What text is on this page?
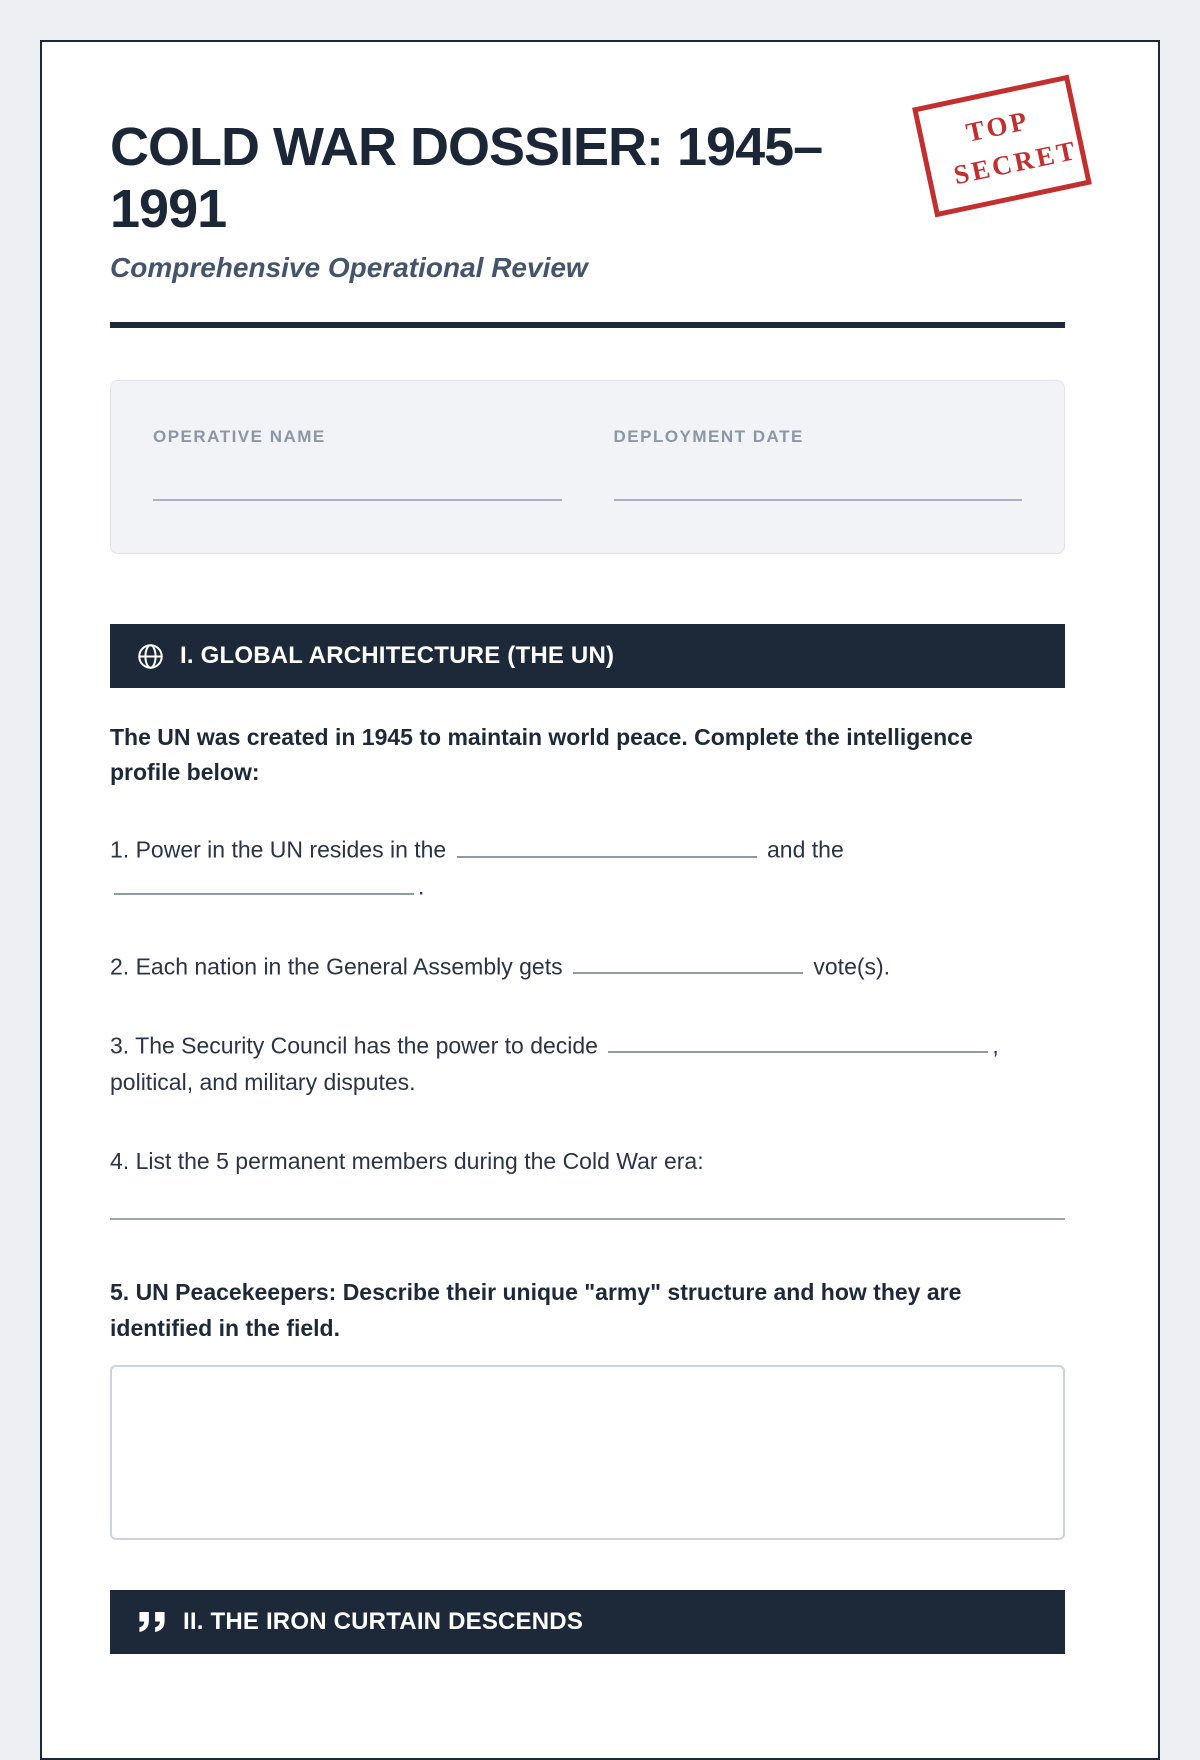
COLD WAR DOSSIER: 1945–1991
Comprehensive Operational Review
TOP SECRET
OPERATIVE NAME	DEPLOYMENT DATE
I. GLOBAL ARCHITECTURE (THE UN)

The UN was created in 1945 to maintain world peace. Complete the intelligence profile below:

1. Power in the UN resides in the	and the .

2. Each nation in the General Assembly gets	vote(s).

3. The Security Council has the power to decide	, political, and military disputes.

4. List the 5 permanent members during the Cold War era:

5. UN Peacekeepers: Describe their unique "army" structure and how they are identified in the field.

II. THE IRON CURTAIN DESCENDS
